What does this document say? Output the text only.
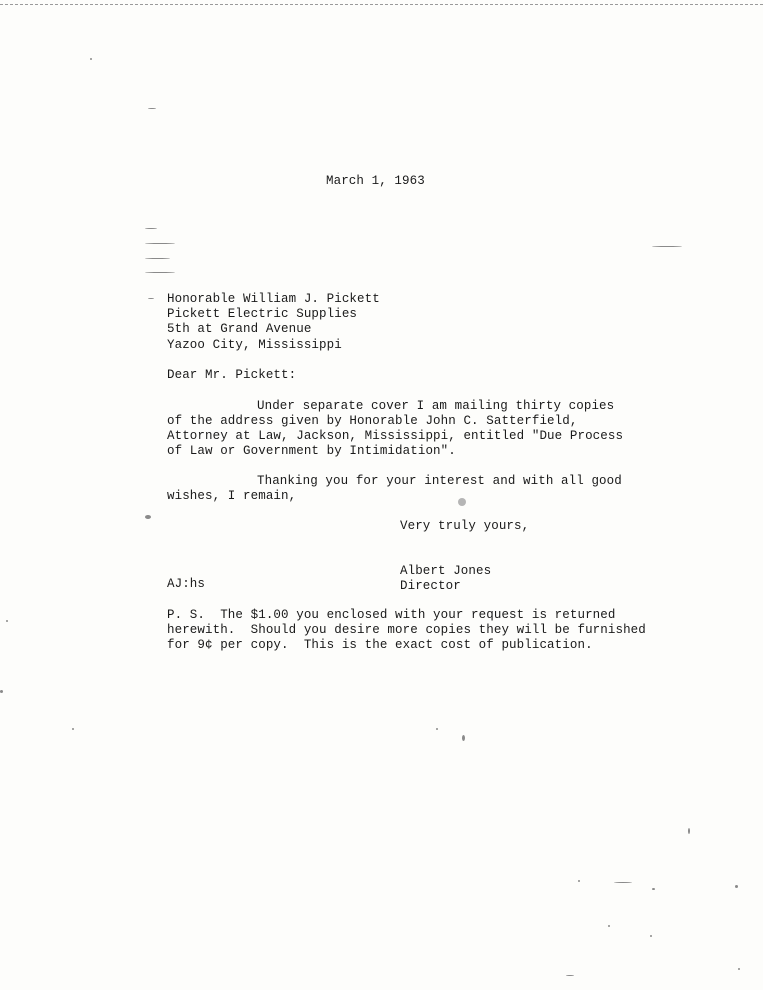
March 1, 1963
Honorable William J. Pickett
Pickett Electric Supplies
5th at Grand Avenue
Yazoo City, Mississippi
Dear Mr. Pickett:
Under separate cover I am mailing thirty copies
of the address given by Honorable John C. Satterfield,
Attorney at Law, Jackson, Mississippi, entitled "Due Process
of Law or Government by Intimidation".
Thanking you for your interest and with all good
wishes, I remain,
Very truly yours,
Albert Jones
Director
AJ:hs
P. S.  The $1.00 you enclosed with your request is returned
herewith.  Should you desire more copies they will be furnished
for 9¢ per copy.  This is the exact cost of publication.
